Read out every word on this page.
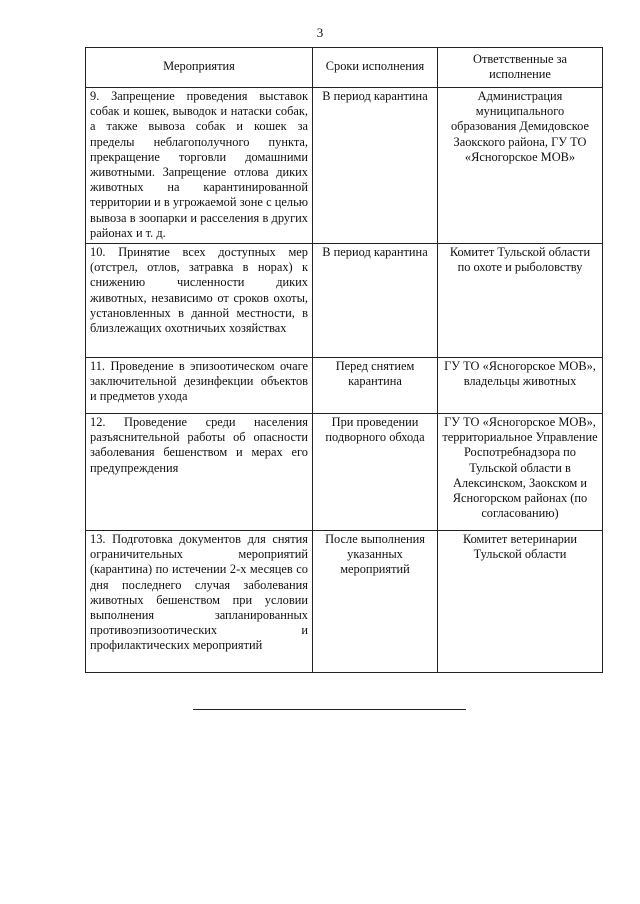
3
Мероприятия	Сроки исполнения	Ответственные за исполнение
9. Запрещение проведения выставок собак и кошек, выводок и натаски собак, а также вывоза собак и кошек за пределы неблагополучного пункта, прекращение торговли домашними животными. Запрещение отлова диких животных на карантинированной территории и в угрожаемой зоне с целью вывоза в зоопарки и расселения в других районах и т. д.	В период карантина	Администрация муниципального образования Демидовское Заокского района, ГУ ТО «Ясногорское МОВ»
10. Принятие всех доступных мер (отстрел, отлов, затравка в норах) к снижению численности диких животных, независимо от сроков охоты, установленных в данной местности, в близлежащих охотничьих хозяйствах	В период карантина	Комитет Тульской области по охоте и рыболовству
11. Проведение в эпизоотическом очаге заключительной дезинфекции объектов и предметов ухода	Перед снятием карантина	ГУ ТО «Ясногорское МОВ», владельцы животных
12. Проведение среди населения разъяснительной работы об опасности заболевания бешенством и мерах его предупреждения	При проведении подворного обхода	ГУ ТО «Ясногорское МОВ», территориальное Управление Роспотребнадзора по Тульской области в Алексинском, Заокском и Ясногорском районах (по согласованию)
13. Подготовка документов для снятия ограничительных мероприятий (карантина) по истечении 2-х месяцев со дня последнего случая заболевания животных бешенством при условии выполнения запланированных противоэпизоотических и профилактических мероприятий	После выполнения указанных мероприятий	Комитет ветеринарии Тульской области
